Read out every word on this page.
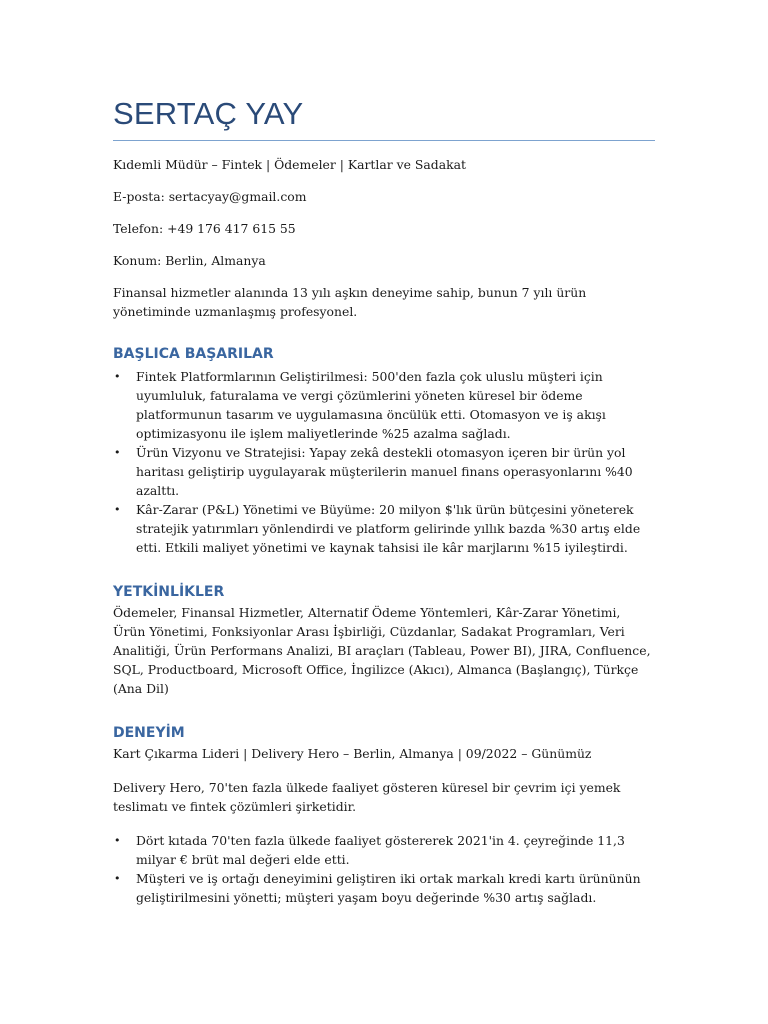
SERTAÇ YAY

Kıdemli Müdür – Fintek | Ödemeler | Kartlar ve Sadakat

E-posta: sertacyay@gmail.com

Telefon: +49 176 417 615 55

Konum: Berlin, Almanya

Finansal hizmetler alanında 13 yılı aşkın deneyime sahip, bunun 7 yılı ürün yönetiminde uzmanlaşmış profesyonel.

BAŞLICA BAŞARILAR
• Fintek Platformlarının Geliştirilmesi: 500'den fazla çok uluslu müşteri için uyumluluk, faturalama ve vergi çözümlerini yöneten küresel bir ödeme platformunun tasarım ve uygulamasına öncülük etti. Otomasyon ve iş akışı optimizasyonu ile işlem maliyetlerinde %25 azalma sağladı.
• Ürün Vizyonu ve Stratejisi: Yapay zekâ destekli otomasyon içeren bir ürün yol haritası geliştirip uygulayarak müşterilerin manuel finans operasyonlarını %40 azalttı.
• Kâr-Zarar (P&L) Yönetimi ve Büyüme: 20 milyon $'lık ürün bütçesini yöneterek stratejik yatırımları yönlendirdi ve platform gelirinde yıllık bazda %30 artış elde etti. Etkili maliyet yönetimi ve kaynak tahsisi ile kâr marjlarını %15 iyileştirdi.
YETKİNLİKLER

Ödemeler, Finansal Hizmetler, Alternatif Ödeme Yöntemleri, Kâr-Zarar Yönetimi, Ürün Yönetimi, Fonksiyonlar Arası İşbirliği, Cüzdanlar, Sadakat Programları, Veri Analitiği, Ürün Performans Analizi, BI araçları (Tableau, Power BI), JIRA, Confluence, SQL, Productboard, Microsoft Office, İngilizce (Akıcı), Almanca (Başlangıç), Türkçe (Ana Dil)

DENEYİM

Kart Çıkarma Lideri | Delivery Hero – Berlin, Almanya | 09/2022 – Günümüz

Delivery Hero, 70'ten fazla ülkede faaliyet gösteren küresel bir çevrim içi yemek teslimatı ve fintek çözümleri şirketidir.

• Dört kıtada 70'ten fazla ülkede faaliyet göstererek 2021'in 4. çeyreğinde 11,3 milyar € brüt mal değeri elde etti.
• Müşteri ve iş ortağı deneyimini geliştiren iki ortak markalı kredi kartı ürününün geliştirilmesini yönetti; müşteri yaşam boyu değerinde %30 artış sağladı.
